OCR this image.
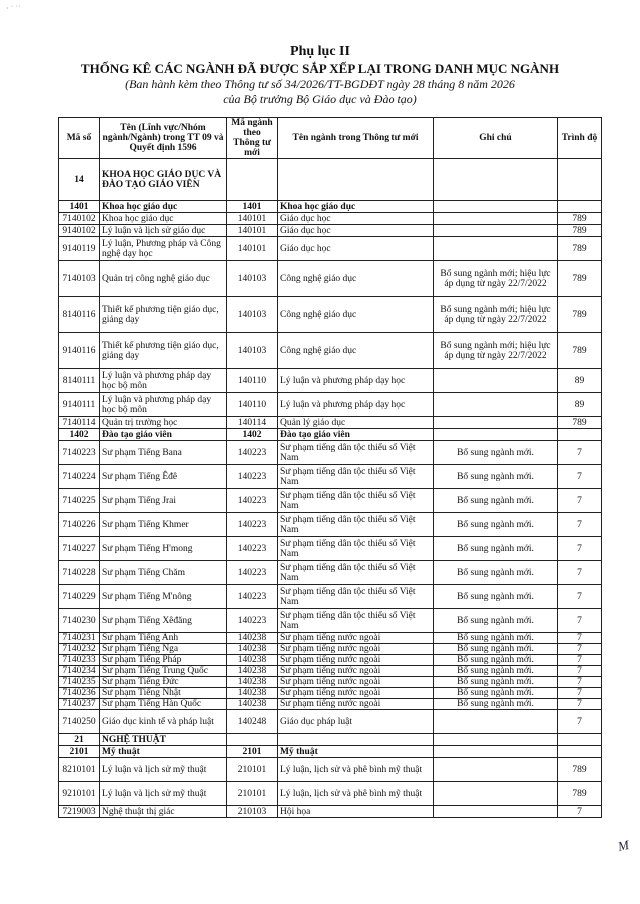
· ˙ ˙˙
Phụ lục II
THỐNG KÊ CÁC NGÀNH ĐÃ ĐƯỢC SẮP XẾP LẠI TRONG DANH MỤC NGÀNH
(Ban hành kèm theo Thông tư số 34/2026/TT-BGDĐT ngày 28 tháng 8 năm 2026
của Bộ trưởng Bộ Giáo dục và Đào tạo)
Mã số	Tên (Lĩnh vực/Nhóm ngành/Ngành) trong TT 09 và Quyết định 1596	Mã ngành theo Thông tư mới	Tên ngành trong Thông tư mới	Ghi chú	Trình độ
14	KHOA HỌC GIÁO DỤC VÀ ĐÀO TẠO GIÁO VIÊN				
1401	Khoa học giáo dục	1401	Khoa học giáo dục		
7140102	Khoa học giáo dục	140101	Giáo dục học		789
9140102	Lý luận và lịch sử giáo dục	140101	Giáo dục học		789
9140119	Lý luận, Phương pháp và Công nghệ dạy học	140101	Giáo dục học		789
7140103	Quản trị công nghệ giáo dục	140103	Công nghệ giáo dục	Bổ sung ngành mới; hiệu lực áp dụng từ ngày 22/7/2022	789
8140116	Thiết kế phương tiện giáo dục, giảng dạy	140103	Công nghệ giáo dục	Bổ sung ngành mới; hiệu lực áp dụng từ ngày 22/7/2022	789
9140116	Thiết kế phương tiện giáo dục, giảng dạy	140103	Công nghệ giáo dục	Bổ sung ngành mới; hiệu lực áp dụng từ ngày 22/7/2022	789
8140111	Lý luận và phương pháp dạy học bộ môn	140110	Lý luận và phương pháp dạy học		89
9140111	Lý luận và phương pháp dạy học bộ môn	140110	Lý luận và phương pháp dạy học		89
7140114	Quản trị trường học	140114	Quản lý giáo dục		789
1402	Đào tạo giáo viên	1402	Đào tạo giáo viên		
7140223	Sư phạm Tiếng Bana	140223	Sư phạm tiếng dân tộc thiểu số Việt Nam	Bổ sung ngành mới.	7
7140224	Sư phạm Tiếng Êđê	140223	Sư phạm tiếng dân tộc thiểu số Việt Nam	Bổ sung ngành mới.	7
7140225	Sư phạm Tiếng Jrai	140223	Sư phạm tiếng dân tộc thiểu số Việt Nam	Bổ sung ngành mới.	7
7140226	Sư phạm Tiếng Khmer	140223	Sư phạm tiếng dân tộc thiểu số Việt Nam	Bổ sung ngành mới.	7
7140227	Sư phạm Tiếng H'mong	140223	Sư phạm tiếng dân tộc thiểu số Việt Nam	Bổ sung ngành mới.	7
7140228	Sư phạm Tiếng Chăm	140223	Sư phạm tiếng dân tộc thiểu số Việt Nam	Bổ sung ngành mới.	7
7140229	Sư phạm Tiếng M'nông	140223	Sư phạm tiếng dân tộc thiểu số Việt Nam	Bổ sung ngành mới.	7
7140230	Sư phạm Tiếng Xêđăng	140223	Sư phạm tiếng dân tộc thiểu số Việt Nam	Bổ sung ngành mới.	7
7140231	Sư phạm Tiếng Anh	140238	Sư phạm tiếng nước ngoài	Bổ sung ngành mới.	7
7140232	Sư phạm Tiếng Nga	140238	Sư phạm tiếng nước ngoài	Bổ sung ngành mới.	7
7140233	Sư phạm Tiếng Pháp	140238	Sư phạm tiếng nước ngoài	Bổ sung ngành mới.	7
7140234	Sư phạm Tiếng Trung Quốc	140238	Sư phạm tiếng nước ngoài	Bổ sung ngành mới.	7
7140235	Sư phạm Tiếng Đức	140238	Sư phạm tiếng nước ngoài	Bổ sung ngành mới.	7
7140236	Sư phạm Tiếng Nhật	140238	Sư phạm tiếng nước ngoài	Bổ sung ngành mới.	7
7140237	Sư phạm Tiếng Hàn Quốc	140238	Sư phạm tiếng nước ngoài	Bổ sung ngành mới.	7
7140250	Giáo dục kinh tế và pháp luật	140248	Giáo dục pháp luật		7
21	NGHỆ THUẬT				
2101	Mỹ thuật	2101	Mỹ thuật		
8210101	Lý luận và lịch sử mỹ thuật	210101	Lý luận, lịch sử và phê bình mỹ thuật		789
9210101	Lý luận và lịch sử mỹ thuật	210101	Lý luận, lịch sử và phê bình mỹ thuật		789
7219003	Nghệ thuật thị giác	210103	Hội họa		7
M
